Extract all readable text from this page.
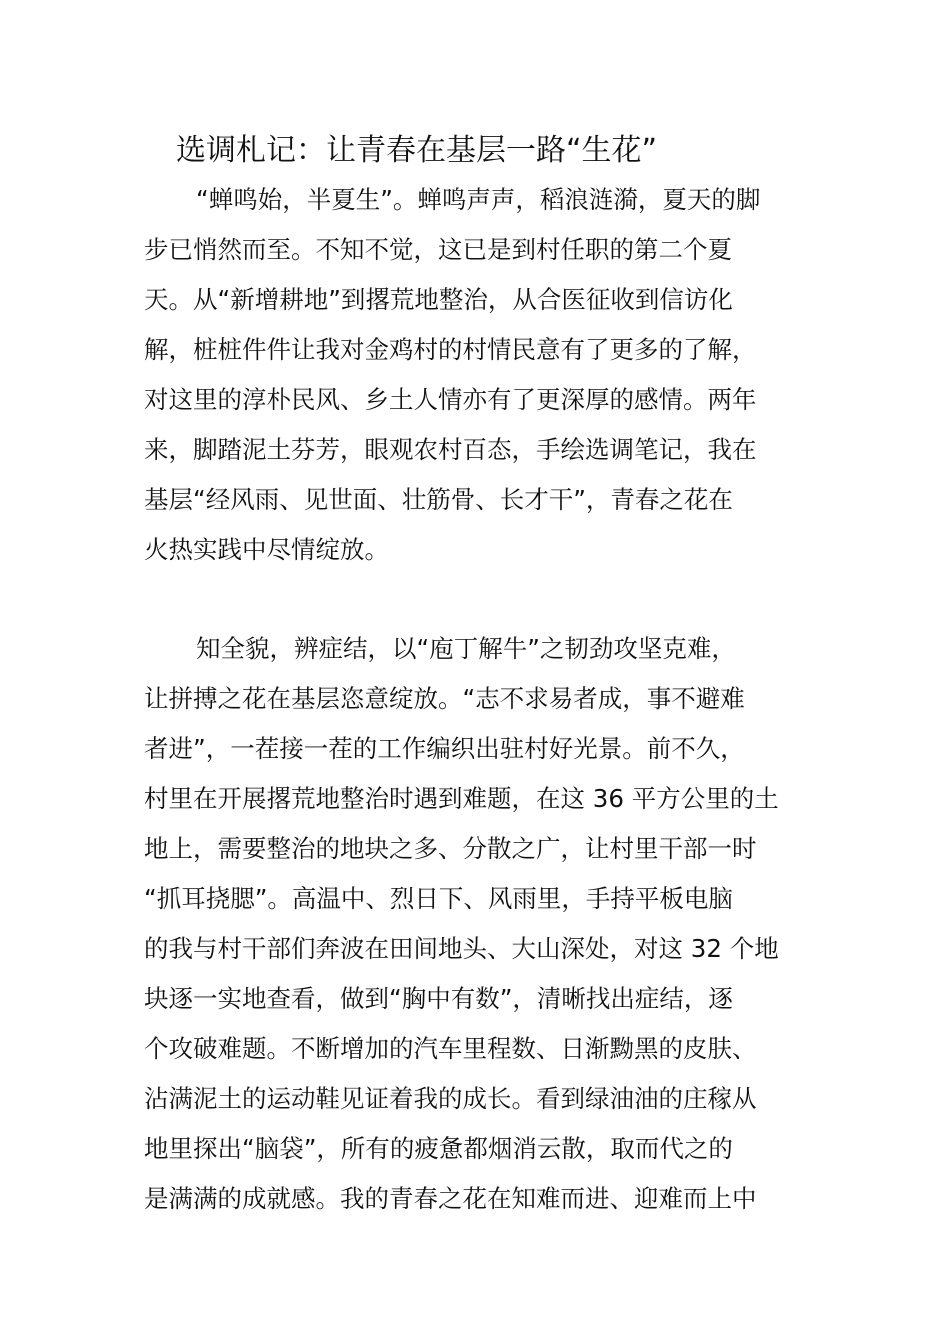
选调札记：让青春在基层一路“生花”
“蝉鸣始，半夏生”。蝉鸣声声，稻浪涟漪，夏天的脚
步已悄然而至。不知不觉，这已是到村任职的第二个夏
天。从“新增耕地”到撂荒地整治，从合医征收到信访化
解，桩桩件件让我对金鸡村的村情民意有了更多的了解，
对这里的淳朴民风、乡土人情亦有了更深厚的感情。两年
来，脚踏泥土芬芳，眼观农村百态，手绘选调笔记，我在
基层“经风雨、见世面、壮筋骨、长才干”，青春之花在
火热实践中尽情绽放。
知全貌，辨症结，以“庖丁解牛”之韧劲攻坚克难，
让拼搏之花在基层恣意绽放。“志不求易者成，事不避难
者进”，一茬接一茬的工作编织出驻村好光景。前不久，
村里在开展撂荒地整治时遇到难题，在这 36 平方公里的土
地上，需要整治的地块之多、分散之广，让村里干部一时
“抓耳挠腮”。高温中、烈日下、风雨里，手持平板电脑
的我与村干部们奔波在田间地头、大山深处，对这 32 个地
块逐一实地查看，做到“胸中有数”，清晰找出症结，逐
个攻破难题。不断增加的汽车里程数、日渐黝黑的皮肤、
沾满泥土的运动鞋见证着我的成长。看到绿油油的庄稼从
地里探出“脑袋”，所有的疲惫都烟消云散，取而代之的
是满满的成就感。我的青春之花在知难而进、迎难而上中
